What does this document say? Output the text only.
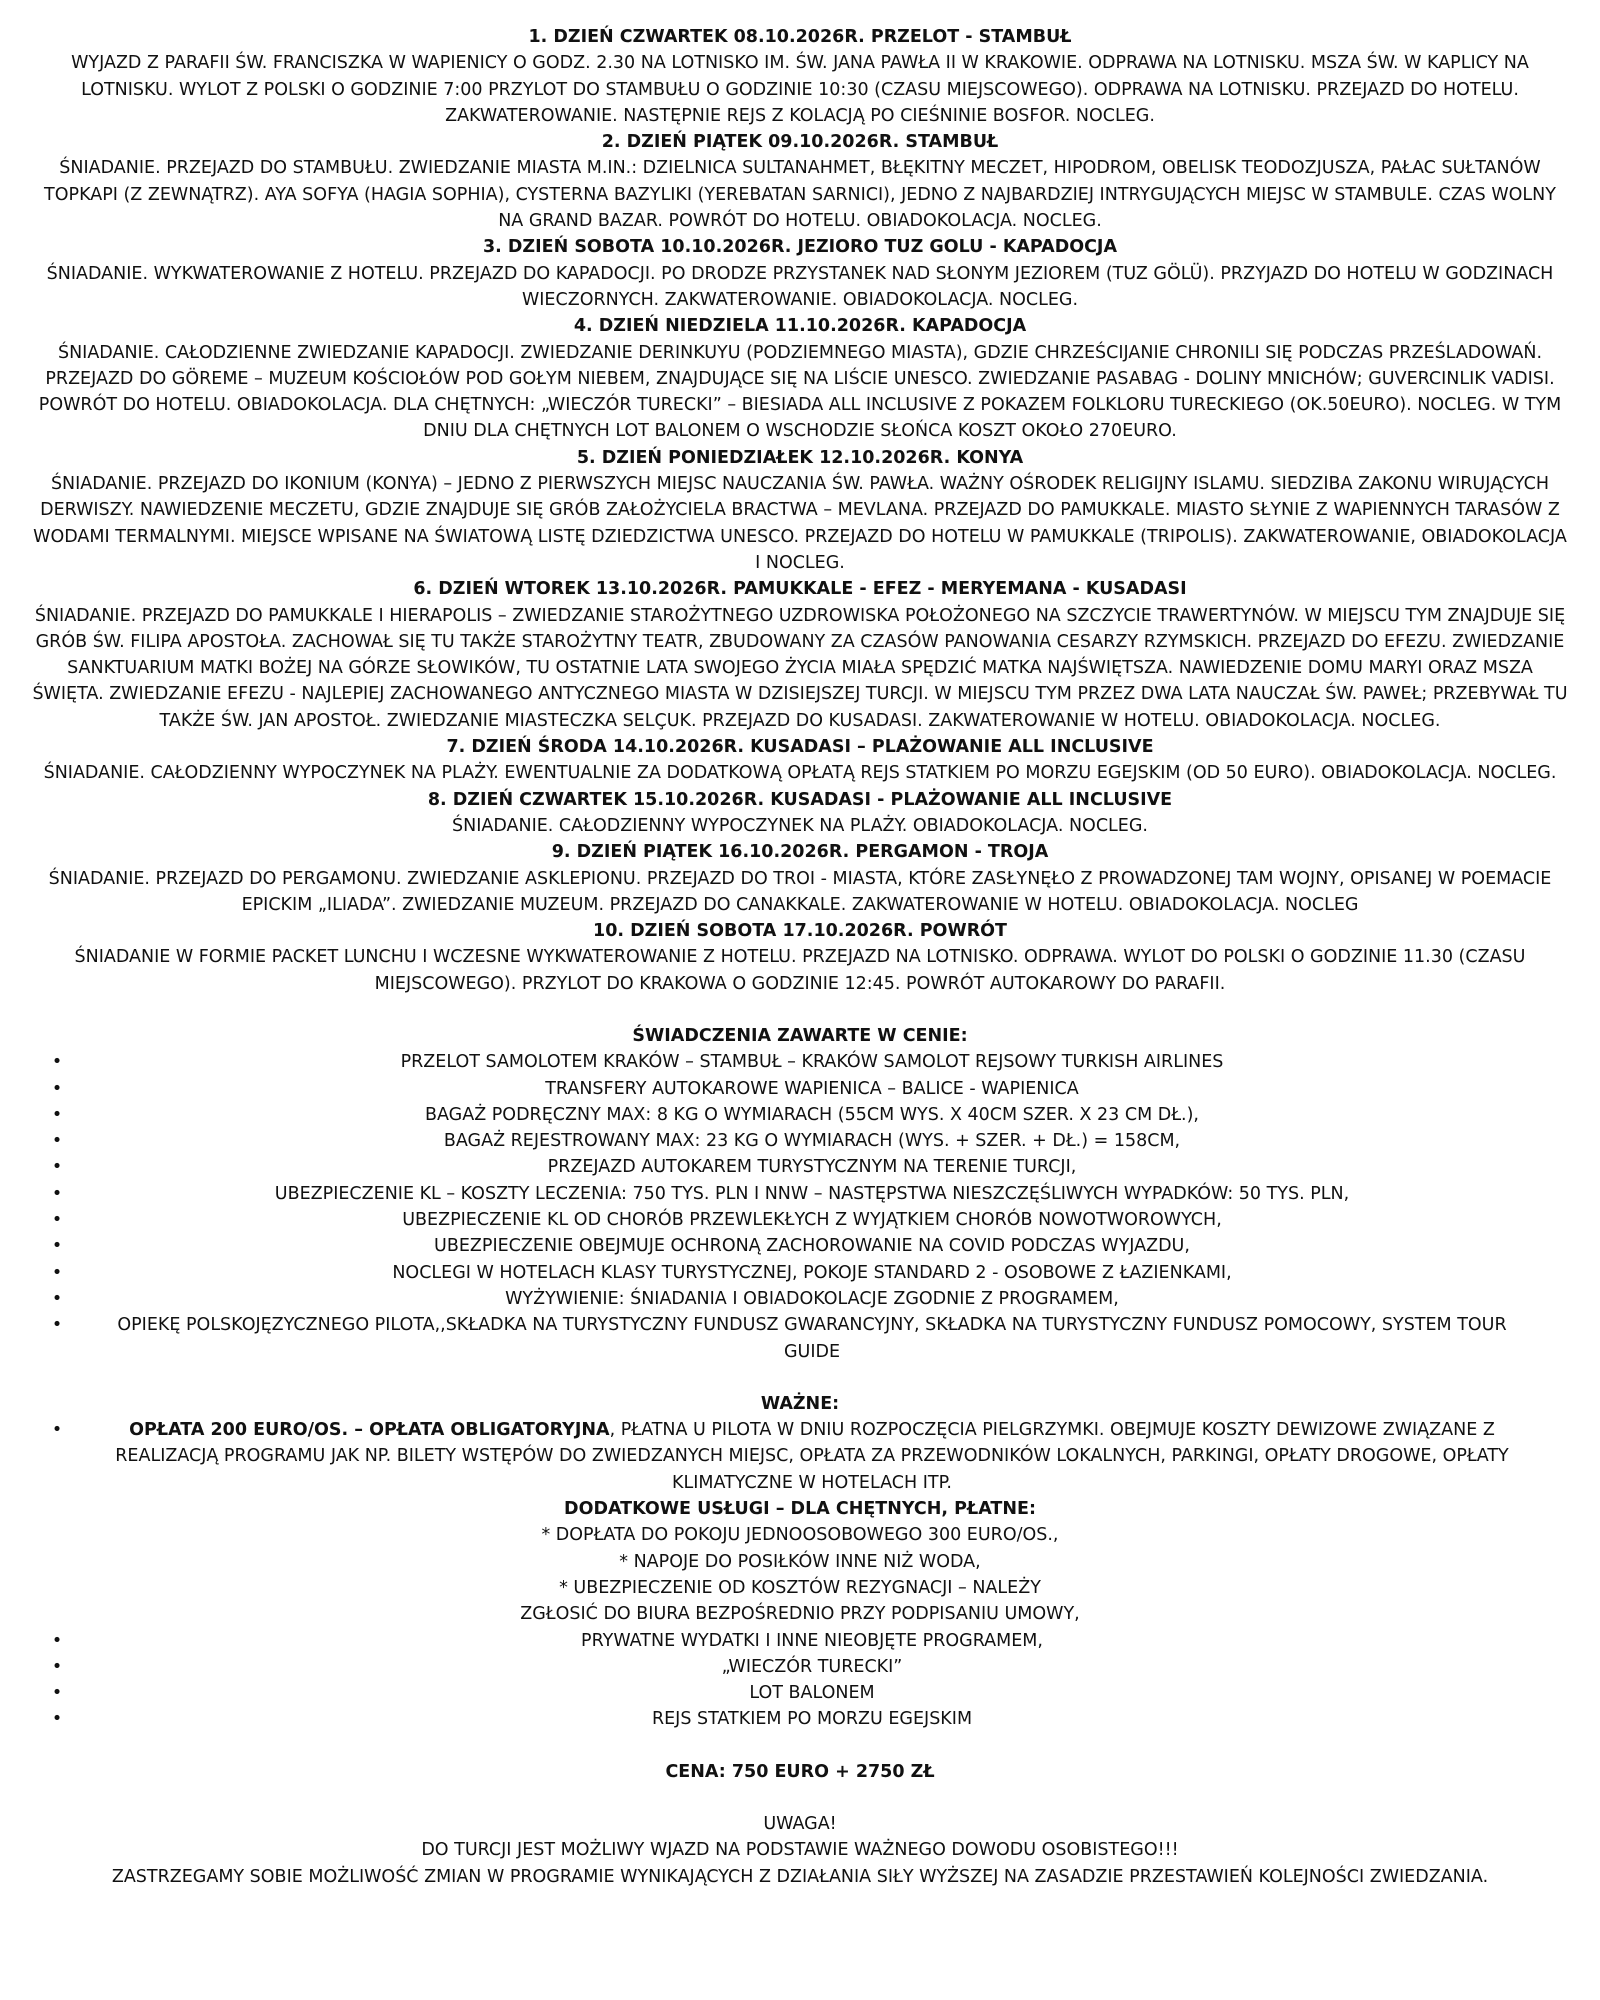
1. DZIEŃ CZWARTEK 08.10.2026R. PRZELOT - STAMBUŁ

WYJAZD Z PARAFII ŚW. FRANCISZKA W WAPIENICY O GODZ. 2.30 NA LOTNISKO IM. ŚW. JANA PAWŁA II W KRAKOWIE. ODPRAWA NA LOTNISKU. MSZA ŚW. W KAPLICY NA LOTNISKU. WYLOT Z POLSKI O GODZINIE 7:00 PRZYLOT DO STAMBUŁU O GODZINIE 10:30 (CZASU MIEJSCOWEGO). ODPRAWA NA LOTNISKU. PRZEJAZD DO HOTELU. ZAKWATEROWANIE. NASTĘPNIE REJS Z KOLACJĄ PO CIEŚNINIE BOSFOR. NOCLEG.

2. DZIEŃ PIĄTEK 09.10.2026R. STAMBUŁ

ŚNIADANIE. PRZEJAZD DO STAMBUŁU. ZWIEDZANIE MIASTA M.IN.: DZIELNICA SULTANAHMET, BŁĘKITNY MECZET, HIPODROM, OBELISK TEODOZJUSZA, PAŁAC SUŁTANÓW TOPKAPI (Z ZEWNĄTRZ). AYA SOFYA (HAGIA SOPHIA), CYSTERNA BAZYLIKI (YEREBATAN SARNICI), JEDNO Z NAJBARDZIEJ INTRYGUJĄCYCH MIEJSC W STAMBULE. CZAS WOLNY NA GRAND BAZAR. POWRÓT DO HOTELU. OBIADOKOLACJA. NOCLEG.

3. DZIEŃ SOBOTA 10.10.2026R. JEZIORO TUZ GOLU - KAPADOCJA

ŚNIADANIE. WYKWATEROWANIE Z HOTELU. PRZEJAZD DO KAPADOCJI. PO DRODZE PRZYSTANEK NAD SŁONYM JEZIOREM (TUZ GÖLÜ). PRZYJAZD DO HOTELU W GODZINACH WIECZORNYCH. ZAKWATEROWANIE. OBIADOKOLACJA. NOCLEG.

4. DZIEŃ NIEDZIELA 11.10.2026R. KAPADOCJA

ŚNIADANIE. CAŁODZIENNE ZWIEDZANIE KAPADOCJI. ZWIEDZANIE DERINKUYU (PODZIEMNEGO MIASTA), GDZIE CHRZEŚCIJANIE CHRONILI SIĘ PODCZAS PRZEŚLADOWAŃ. PRZEJAZD DO GÖREME – MUZEUM KOŚCIOŁÓW POD GOŁYM NIEBEM, ZNAJDUJĄCE SIĘ NA LIŚCIE UNESCO. ZWIEDZANIE PASABAG - DOLINY MNICHÓW; GUVERCINLIK VADISI. POWRÓT DO HOTELU. OBIADOKOLACJA. DLA CHĘTNYCH: „WIECZÓR TURECKI” – BIESIADA ALL INCLUSIVE Z POKAZEM FOLKLORU TURECKIEGO (OK.50EURO). NOCLEG. W TYM DNIU DLA CHĘTNYCH LOT BALONEM O WSCHODZIE SŁOŃCA KOSZT OKOŁO 270EURO.

5. DZIEŃ PONIEDZIAŁEK 12.10.2026R. KONYA

ŚNIADANIE. PRZEJAZD DO IKONIUM (KONYA) – JEDNO Z PIERWSZYCH MIEJSC NAUCZANIA ŚW. PAWŁA. WAŻNY OŚRODEK RELIGIJNY ISLAMU. SIEDZIBA ZAKONU WIRUJĄCYCH DERWISZY. NAWIEDZENIE MECZETU, GDZIE ZNAJDUJE SIĘ GRÓB ZAŁOŻYCIELA BRACTWA – MEVLANA. PRZEJAZD DO PAMUKKALE. MIASTO SŁYNIE Z WAPIENNYCH TARASÓW Z WODAMI TERMALNYMI. MIEJSCE WPISANE NA ŚWIATOWĄ LISTĘ DZIEDZICTWA UNESCO. PRZEJAZD DO HOTELU W PAMUKKALE (TRIPOLIS). ZAKWATEROWANIE, OBIADOKOLACJA I NOCLEG.

6. DZIEŃ WTOREK 13.10.2026R. PAMUKKALE - EFEZ - MERYEMANA - KUSADASI

ŚNIADANIE. PRZEJAZD DO PAMUKKALE I HIERAPOLIS – ZWIEDZANIE STAROŻYTNEGO UZDROWISKA POŁOŻONEGO NA SZCZYCIE TRAWERTYNÓW. W MIEJSCU TYM ZNAJDUJE SIĘ GRÓB ŚW. FILIPA APOSTOŁA. ZACHOWAŁ SIĘ TU TAKŻE STAROŻYTNY TEATR, ZBUDOWANY ZA CZASÓW PANOWANIA CESARZY RZYMSKICH. PRZEJAZD DO EFEZU. ZWIEDZANIE SANKTUARIUM MATKI BOŻEJ NA GÓRZE SŁOWIKÓW, TU OSTATNIE LATA SWOJEGO ŻYCIA MIAŁA SPĘDZIĆ MATKA NAJŚWIĘTSZA. NAWIEDZENIE DOMU MARYI ORAZ MSZA ŚWIĘTA. ZWIEDZANIE EFEZU - NAJLEPIEJ ZACHOWANEGO ANTYCZNEGO MIASTA W DZISIEJSZEJ TURCJI. W MIEJSCU TYM PRZEZ DWA LATA NAUCZAŁ ŚW. PAWEŁ; PRZEBYWAŁ TU TAKŻE ŚW. JAN APOSTOŁ. ZWIEDZANIE MIASTECZKA SELÇUK. PRZEJAZD DO KUSADASI. ZAKWATEROWANIE W HOTELU. OBIADOKOLACJA. NOCLEG.

7. DZIEŃ ŚRODA 14.10.2026R. KUSADASI – PLAŻOWANIE ALL INCLUSIVE

ŚNIADANIE. CAŁODZIENNY WYPOCZYNEK NA PLAŻY. EWENTUALNIE ZA DODATKOWĄ OPŁATĄ REJS STATKIEM PO MORZU EGEJSKIM (OD 50 EURO). OBIADOKOLACJA. NOCLEG.

8. DZIEŃ CZWARTEK 15.10.2026R. KUSADASI - PLAŻOWANIE ALL INCLUSIVE

ŚNIADANIE. CAŁODZIENNY WYPOCZYNEK NA PLAŻY. OBIADOKOLACJA. NOCLEG.

9. DZIEŃ PIĄTEK 16.10.2026R. PERGAMON - TROJA

ŚNIADANIE. PRZEJAZD DO PERGAMONU. ZWIEDZANIE ASKLEPIONU. PRZEJAZD DO TROI - MIASTA, KTÓRE ZASŁYNĘŁO Z PROWADZONEJ TAM WOJNY, OPISANEJ W POEMACIE EPICKIM „ILIADA”. ZWIEDZANIE MUZEUM. PRZEJAZD DO CANAKKALE. ZAKWATEROWANIE W HOTELU. OBIADOKOLACJA. NOCLEG

10. DZIEŃ SOBOTA 17.10.2026R. POWRÓT

ŚNIADANIE W FORMIE PACKET LUNCHU I WCZESNE WYKWATEROWANIE Z HOTELU. PRZEJAZD NA LOTNISKO. ODPRAWA. WYLOT DO POLSKI O GODZINIE 11.30 (CZASU MIEJSCOWEGO). PRZYLOT DO KRAKOWA O GODZINIE 12:45. POWRÓT AUTOKAROWY DO PARAFII.

ŚWIADCZENIA ZAWARTE W CENIE:

•	PRZELOT SAMOLOTEM KRAKÓW – STAMBUŁ – KRAKÓW SAMOLOT REJSOWY TURKISH AIRLINES
•	TRANSFERY AUTOKAROWE WAPIENICA – BALICE - WAPIENICA
•	BAGAŻ PODRĘCZNY MAX: 8 KG O WYMIARACH (55CM WYS. X 40CM SZER. X 23 CM DŁ.),
•	BAGAŻ REJESTROWANY MAX: 23 KG O WYMIARACH (WYS. + SZER. + DŁ.) = 158CM,
•	PRZEJAZD AUTOKAREM TURYSTYCZNYM NA TERENIE TURCJI,
•	UBEZPIECZENIE KL – KOSZTY LECZENIA: 750 TYS. PLN I NNW – NASTĘPSTWA NIESZCZĘŚLIWYCH WYPADKÓW: 50 TYS. PLN,
•	UBEZPIECZENIE KL OD CHORÓB PRZEWLEKŁYCH Z WYJĄTKIEM CHORÓB NOWOTWOROWYCH,
•	UBEZPIECZENIE OBEJMUJE OCHRONĄ ZACHOROWANIE NA COVID PODCZAS WYJAZDU,
•	NOCLEGI W HOTELACH KLASY TURYSTYCZNEJ, POKOJE STANDARD 2 - OSOBOWE Z ŁAZIENKAMI,
•	WYŻYWIENIE: ŚNIADANIA I OBIADOKOLACJE ZGODNIE Z PROGRAMEM,
•	OPIEKĘ POLSKOJĘZYCZNEGO PILOTA,,SKŁADKA NA TURYSTYCZNY FUNDUSZ GWARANCYJNY, SKŁADKA NA TURYSTYCZNY FUNDUSZ POMOCOWY, SYSTEM TOUR GUIDE

WAŻNE:

•	OPŁATA 200 EURO/OS. – OPŁATA OBLIGATORYJNA, PŁATNA U PILOTA W DNIU ROZPOCZĘCIA PIELGRZYMKI. OBEJMUJE KOSZTY DEWIZOWE ZWIĄZANE Z REALIZACJĄ PROGRAMU JAK NP. BILETY WSTĘPÓW DO ZWIEDZANYCH MIEJSC, OPŁATA ZA PRZEWODNIKÓW LOKALNYCH, PARKINGI, OPŁATY DROGOWE, OPŁATY KLIMATYCZNE W HOTELACH ITP.

DODATKOWE USŁUGI – DLA CHĘTNYCH, PŁATNE:

* DOPŁATA DO POKOJU JEDNOOSOBOWEGO 300 EURO/OS.,

* NAPOJE DO POSIŁKÓW INNE NIŻ WODA,

* UBEZPIECZENIE OD KOSZTÓW REZYGNACJI – NALEŻY

ZGŁOSIĆ DO BIURA BEZPOŚREDNIO PRZY PODPISANIU UMOWY,

•	PRYWATNE WYDATKI I INNE NIEOBJĘTE PROGRAMEM,
•	„WIECZÓR TURECKI”
•	LOT BALONEM
•	REJS STATKIEM PO MORZU EGEJSKIM

CENA: 750 EURO + 2750 ZŁ

UWAGA!

DO TURCJI JEST MOŻLIWY WJAZD NA PODSTAWIE WAŻNEGO DOWODU OSOBISTEGO!!!

ZASTRZEGAMY SOBIE MOŻLIWOŚĆ ZMIAN W PROGRAMIE WYNIKAJĄCYCH Z DZIAŁANIA SIŁY WYŻSZEJ NA ZASADZIE PRZESTAWIEŃ KOLEJNOŚCI ZWIEDZANIA.
